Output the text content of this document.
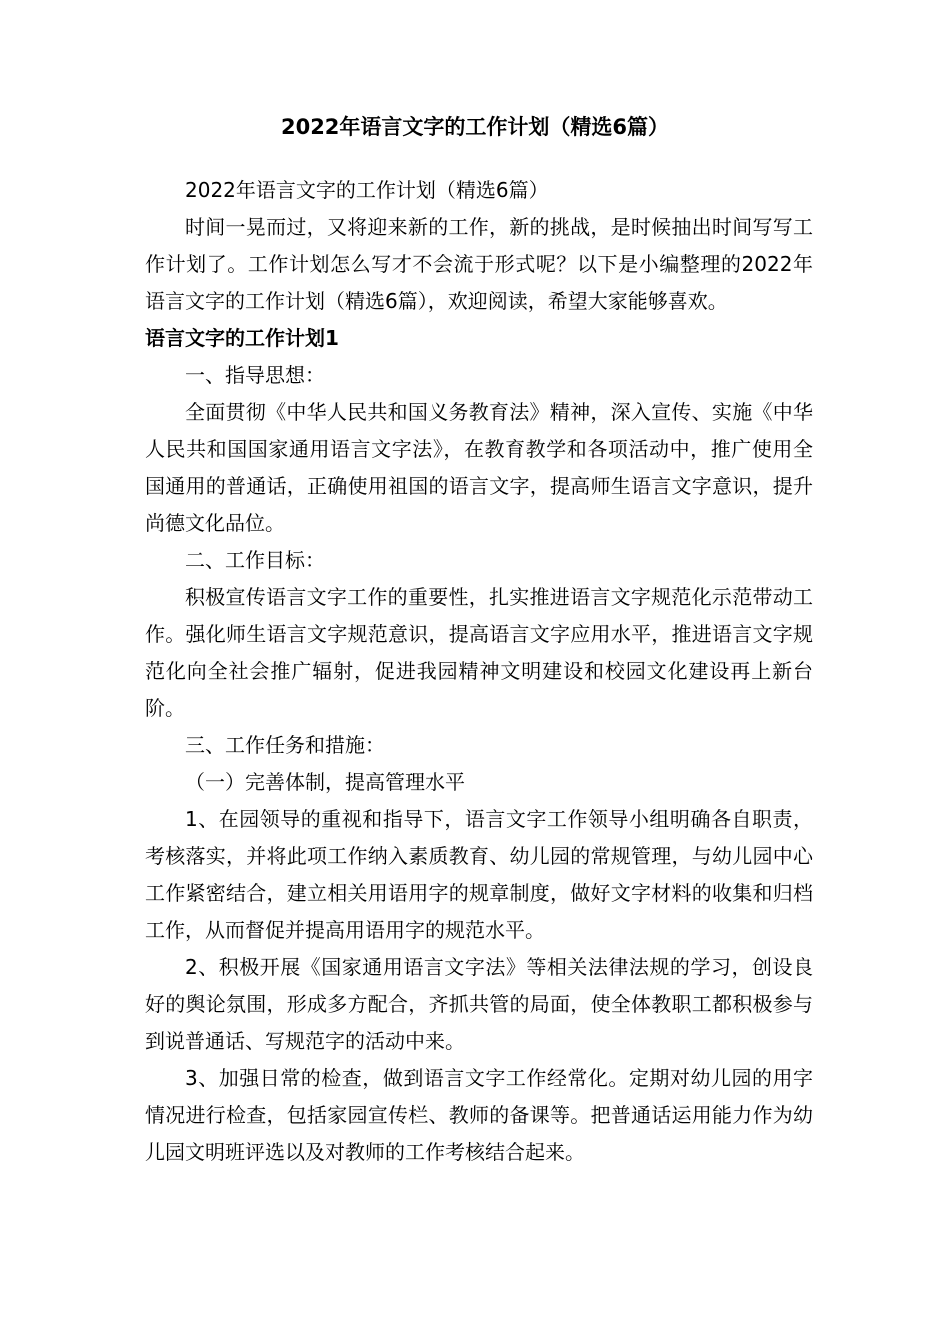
2022年语言文字的工作计划（精选6篇）

2022年语言文字的工作计划（精选6篇）

时间一晃而过，又将迎来新的工作，新的挑战，是时候抽出时间写写工作计划了。工作计划怎么写才不会流于形式呢？以下是小编整理的2022年语言文字的工作计划（精选6篇），欢迎阅读，希望大家能够喜欢。

语言文字的工作计划1

一、指导思想：

全面贯彻《中华人民共和国义务教育法》精神，深入宣传、实施《中华人民共和国国家通用语言文字法》，在教育教学和各项活动中，推广使用全国通用的普通话，正确使用祖国的语言文字，提高师生语言文字意识，提升尚德文化品位。

二、工作目标：

积极宣传语言文字工作的重要性，扎实推进语言文字规范化示范带动工作。强化师生语言文字规范意识，提高语言文字应用水平，推进语言文字规范化向全社会推广辐射，促进我园精神文明建设和校园文化建设再上新台阶。

三、工作任务和措施：

（一）完善体制，提高管理水平

1、在园领导的重视和指导下，语言文字工作领导小组明确各自职责，考核落实，并将此项工作纳入素质教育、幼儿园的常规管理，与幼儿园中心工作紧密结合，建立相关用语用字的规章制度，做好文字材料的收集和归档工作，从而督促并提高用语用字的规范水平。

2、积极开展《国家通用语言文字法》等相关法律法规的学习，创设良好的舆论氛围，形成多方配合，齐抓共管的局面，使全体教职工都积极参与到说普通话、写规范字的活动中来。

3、加强日常的检查，做到语言文字工作经常化。定期对幼儿园的用字情况进行检查，包括家园宣传栏、教师的备课等。把普通话运用能力作为幼儿园文明班评选以及对教师的工作考核结合起来。
